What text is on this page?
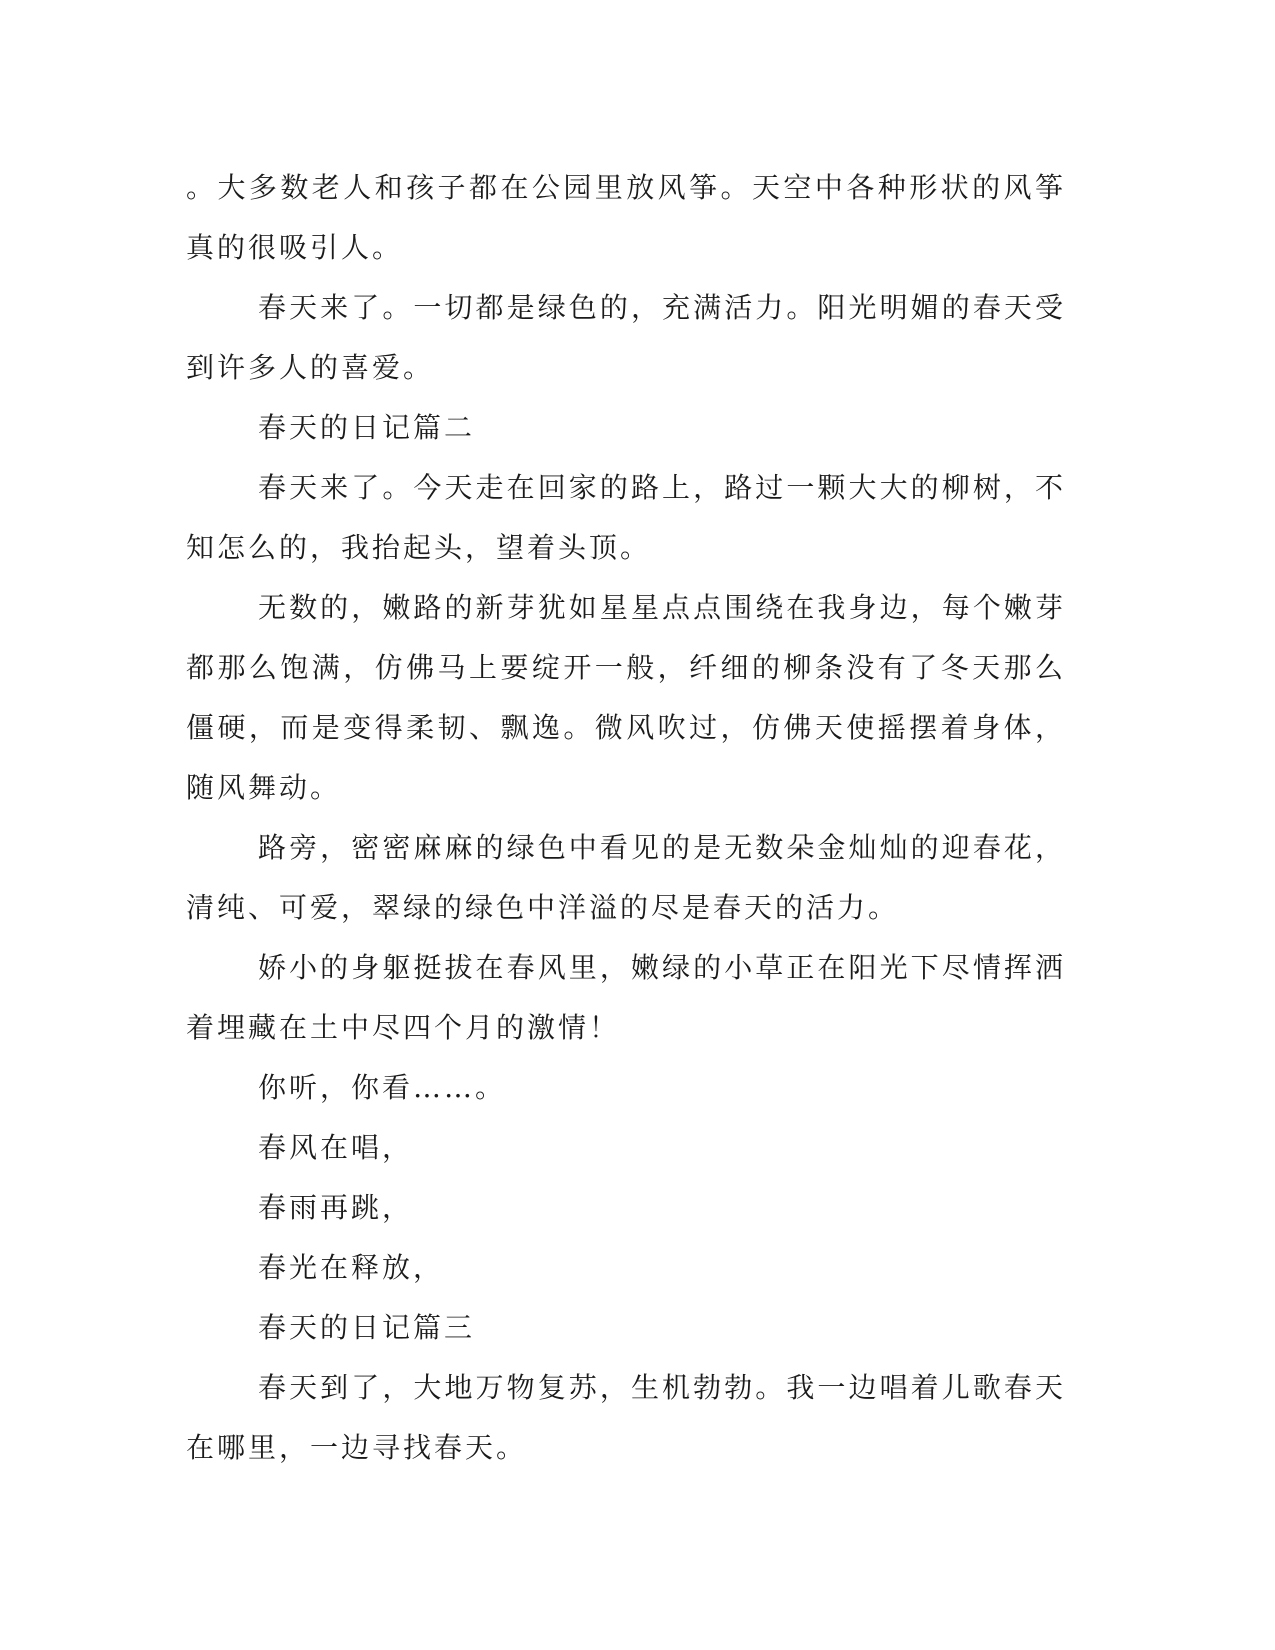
。大多数老人和孩子都在公园里放风筝。天空中各种形状的风筝真的很吸引人。

春天来了。一切都是绿色的，充满活力。阳光明媚的春天受到许多人的喜爱。

春天的日记篇二

春天来了。今天走在回家的路上，路过一颗大大的柳树，不知怎么的，我抬起头，望着头顶。

无数的，嫩路的新芽犹如星星点点围绕在我身边，每个嫩芽都那么饱满，仿佛马上要绽开一般，纤细的柳条没有了冬天那么僵硬，而是变得柔韧、飘逸。微风吹过，仿佛天使摇摆着身体，随风舞动。

路旁，密密麻麻的绿色中看见的是无数朵金灿灿的迎春花，清纯、可爱，翠绿的绿色中洋溢的尽是春天的活力。

娇小的身躯挺拔在春风里，嫩绿的小草正在阳光下尽情挥洒着埋藏在土中尽四个月的激情！

你听，你看……。

春风在唱，

春雨再跳，

春光在释放，

春天的日记篇三

春天到了，大地万物复苏，生机勃勃。我一边唱着儿歌春天在哪里，一边寻找春天。
